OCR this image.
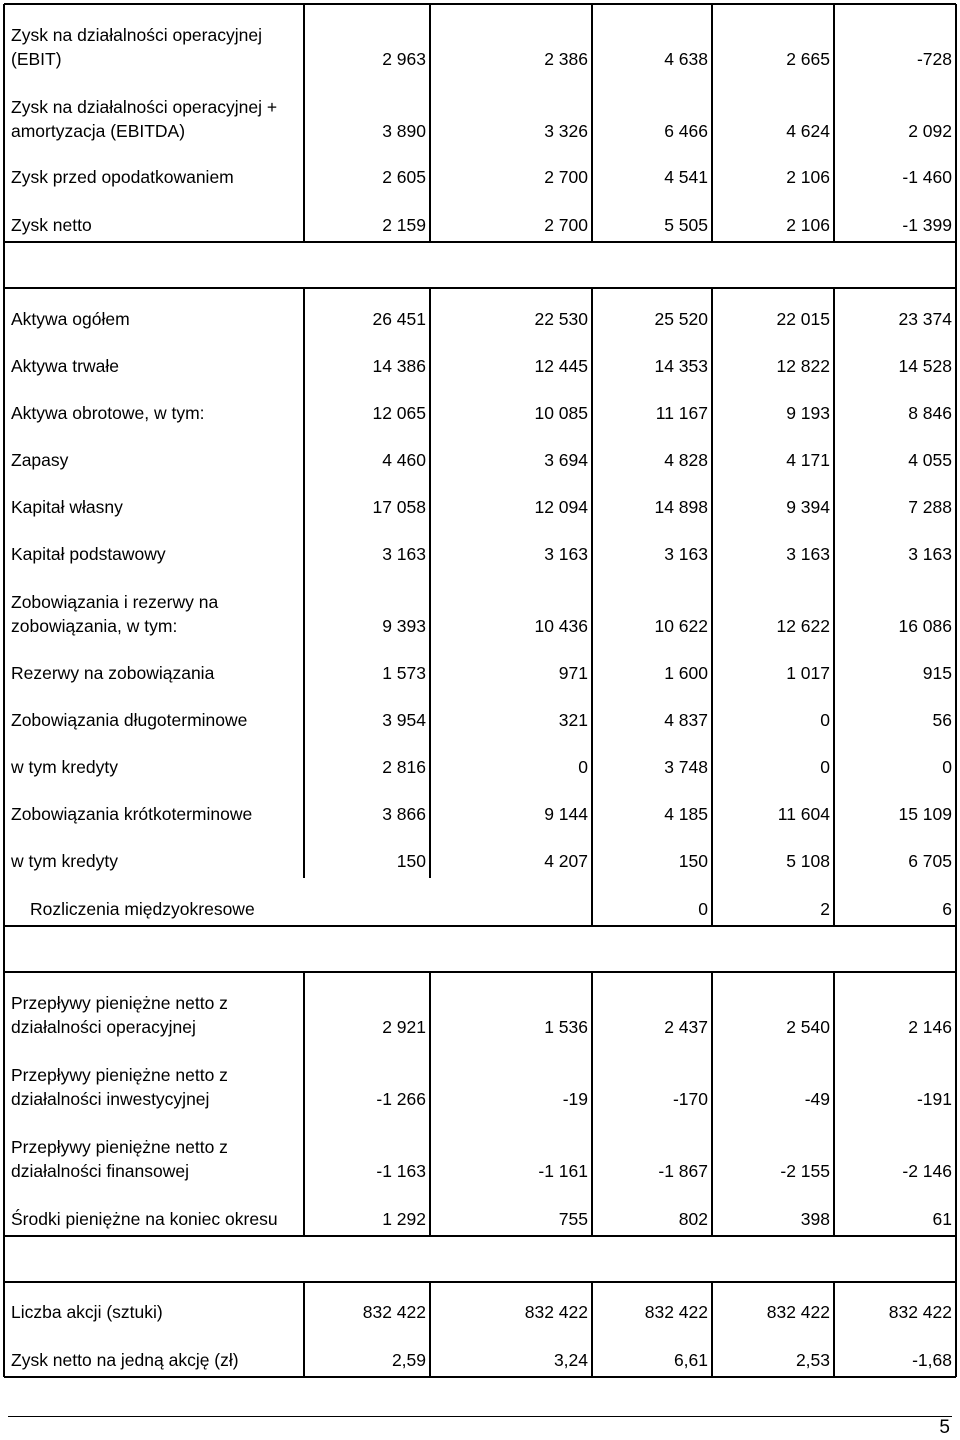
Zysk na działalności operacyjnej
(EBIT)	2 963	2 386	4 638	2 665	-728
Zysk na działalności operacyjnej +
amortyzacja (EBITDA)	3 890	3 326	6 466	4 624	2 092
Zysk przed opodatkowaniem	2 605	2 700	4 541	2 106	-1 460
Zysk netto	2 159	2 700	5 505	2 106	-1 399
Aktywa ogółem	26 451	22 530	25 520	22 015	23 374
Aktywa trwałe	14 386	12 445	14 353	12 822	14 528
Aktywa obrotowe, w tym:	12 065	10 085	11 167	9 193	8 846
Zapasy	4 460	3 694	4 828	4 171	4 055
Kapitał własny	17 058	12 094	14 898	9 394	7 288
Kapitał podstawowy	3 163	3 163	3 163	3 163	3 163
Zobowiązania i rezerwy na
zobowiązania, w tym:	9 393	10 436	10 622	12 622	16 086
Rezerwy na zobowiązania	1 573	971	1 600	1 017	915
Zobowiązania długoterminowe	3 954	321	4 837	0	56
w tym kredyty	2 816	0	3 748	0	0
Zobowiązania krótkoterminowe	3 866	9 144	4 185	11 604	15 109
w tym kredyty	150	4 207	150	5 108	6 705
Rozliczenia międzyokresowe	0	2	6
Przepływy pieniężne netto z
działalności operacyjnej	2 921	1 536	2 437	2 540	2 146
Przepływy pieniężne netto z
działalności inwestycyjnej	-1 266	-19	-170	-49	-191
Przepływy pieniężne netto z
działalności finansowej	-1 163	-1 161	-1 867	-2 155	-2 146
Środki pieniężne na koniec okresu	1 292	755	802	398	61
Liczba akcji (sztuki)	832 422	832 422	832 422	832 422	832 422
Zysk netto na jedną akcję (zł)	2,59	3,24	6,61	2,53	-1,68
5
